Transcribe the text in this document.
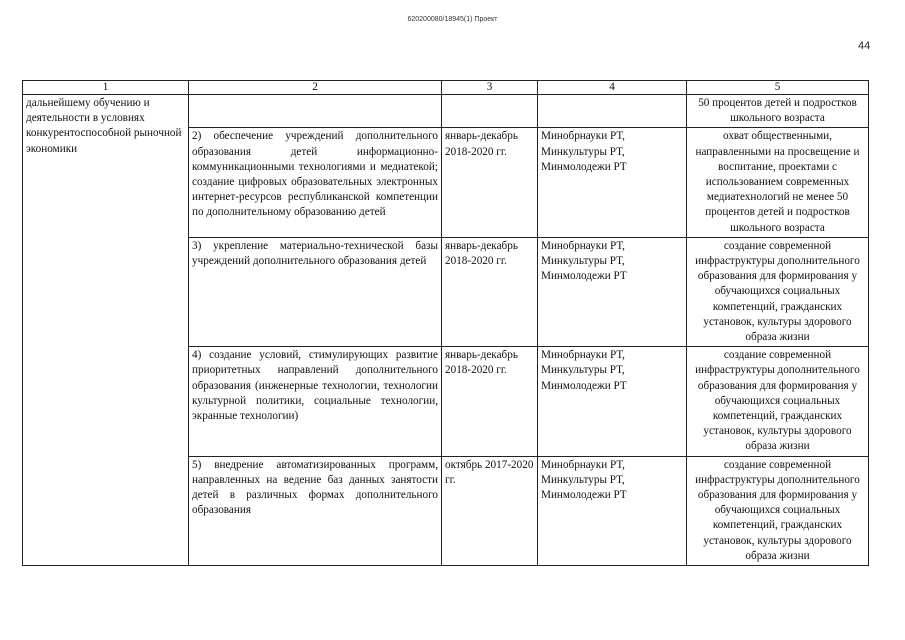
620200080/18945(1) Проект
44
1	2	3	4	5
дальнейшему обучению и деятельности в условиях конкурентоспособной рыночной экономики				50 процентов детей и подростков школьного возраста
	2) обеспечение учреждений дополнительного образования детей информационно-коммуникационными технологиями и медиатекой; создание цифровых образовательных электронных интернет-ресурсов республиканской компетенции по дополнительному образованию детей	январь-декабрь 2018-2020 гг.	Минобрнауки РТ, Минкультуры РТ, Минмолодежи РТ	охват общественными, направленными на просвещение и воспитание, проектами с использованием современных медиатехнологий не менее 50 процентов детей и подростков школьного возраста
	3) укрепление материально-технической базы учреждений дополнительного образования детей	январь-декабрь 2018-2020 гг.	Минобрнауки РТ, Минкультуры РТ, Минмолодежи РТ	создание современной инфраструктуры дополнительного образования для формирования у обучающихся социальных компетенций, гражданских установок, культуры здорового образа жизни
	4) создание условий, стимулирующих развитие приоритетных направлений дополнительного образования (инженерные технологии, технологии культурной политики, социальные технологии, экранные технологии)	январь-декабрь 2018-2020 гг.	Минобрнауки РТ, Минкультуры РТ, Минмолодежи РТ	создание современной инфраструктуры дополнительного образования для формирования у обучающихся социальных компетенций, гражданских установок, культуры здорового образа жизни
	5) внедрение автоматизированных программ, направленных на ведение баз данных занятости детей в различных формах дополнительного образования	октябрь 2017-2020 гг.	Минобрнауки РТ, Минкультуры РТ, Минмолодежи РТ	создание современной инфраструктуры дополнительного образования для формирования у обучающихся социальных компетенций, гражданских установок, культуры здорового образа жизни
